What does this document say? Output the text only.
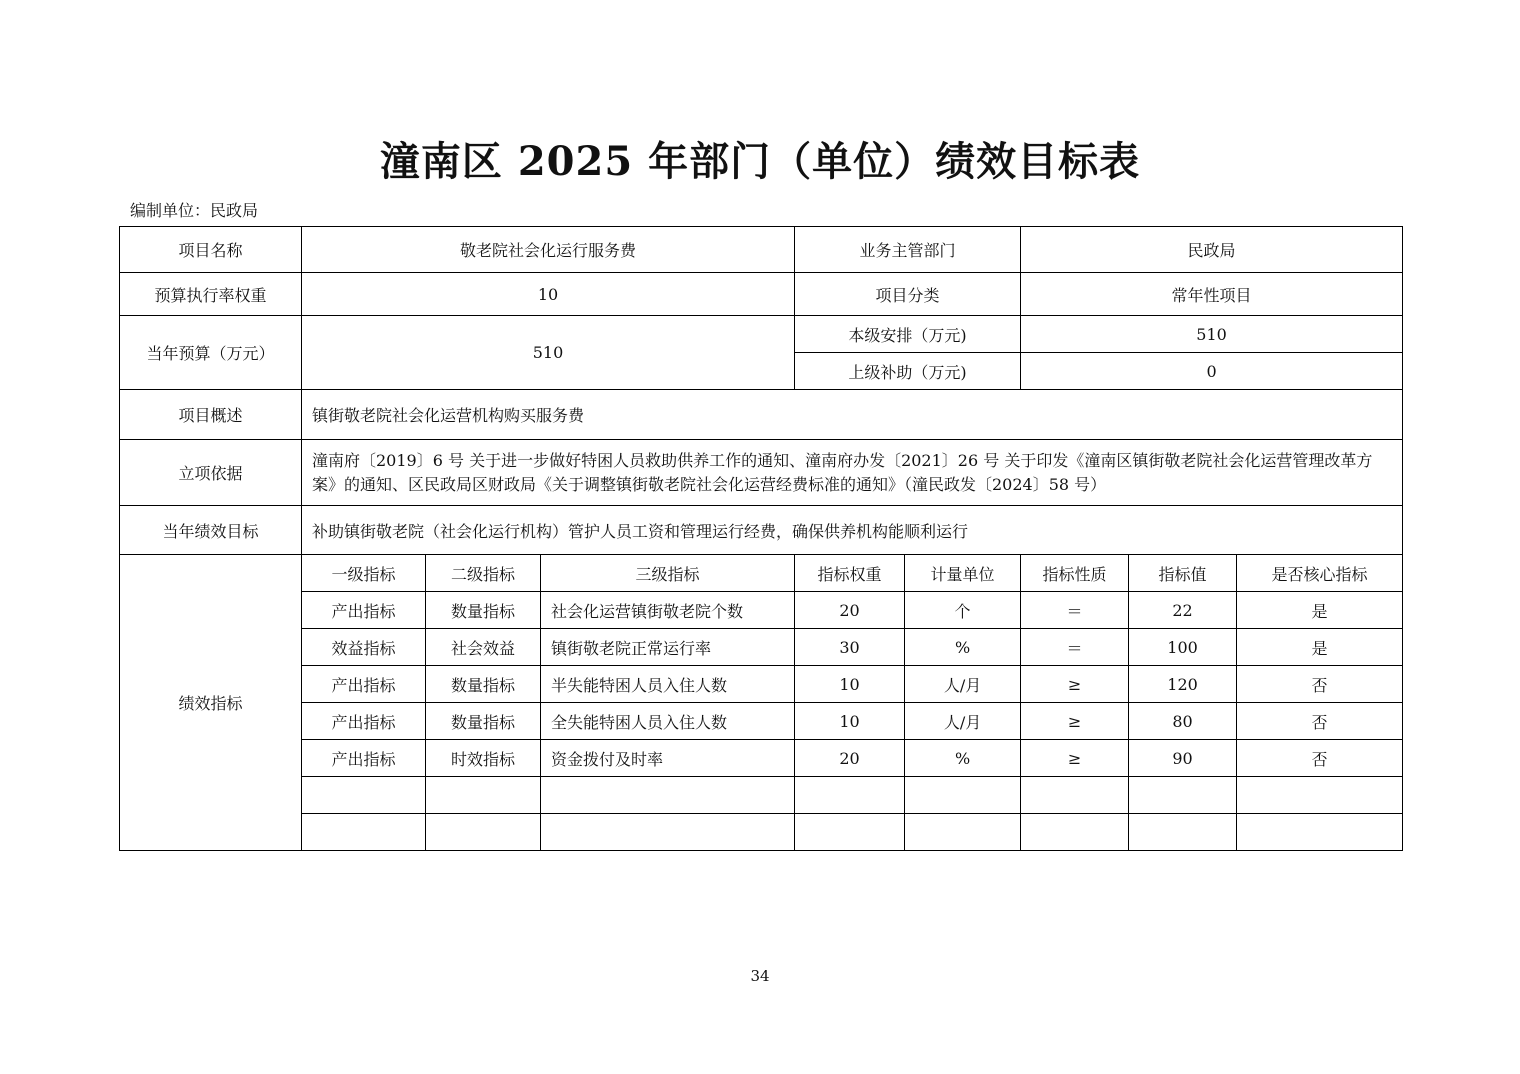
潼南区 2025 年部门（单位）绩效目标表
编制单位：民政局
项目名称	敬老院社会化运行服务费			业务主管部门		民政局		
预算执行率权重	10			项目分类		常年性项目		
当年预算（万元）	510			本级安排（万元)		510		
				上级补助（万元)		0		
项目概述	镇街敬老院社会化运营机构购买服务费							
立项依据	潼南府〔2019〕6 号 关于进一步做好特困人员救助供养工作的通知、潼南府办发〔2021〕26 号 关于印发《潼南区镇街敬老院社会化运营管理改革方案》的通知、区民政局区财政局《关于调整镇街敬老院社会化运营经费标准的通知》（潼民政发〔2024〕58 号）							
当年绩效目标	补助镇街敬老院（社会化运行机构）管护人员工资和管理运行经费，确保供养机构能顺利运行							
绩效指标	一级指标	二级指标	三级指标	指标权重	计量单位	指标性质	指标值	是否核心指标
	产出指标	数量指标	社会化运营镇街敬老院个数	20	个	＝	22	是
	效益指标	社会效益	镇街敬老院正常运行率	30	%	＝	100	是
	产出指标	数量指标	半失能特困人员入住人数	10	人/月	≥	120	否
	产出指标	数量指标	全失能特困人员入住人数	10	人/月	≥	80	否
	产出指标	时效指标	资金拨付及时率	20	%	≥	90	否

34
